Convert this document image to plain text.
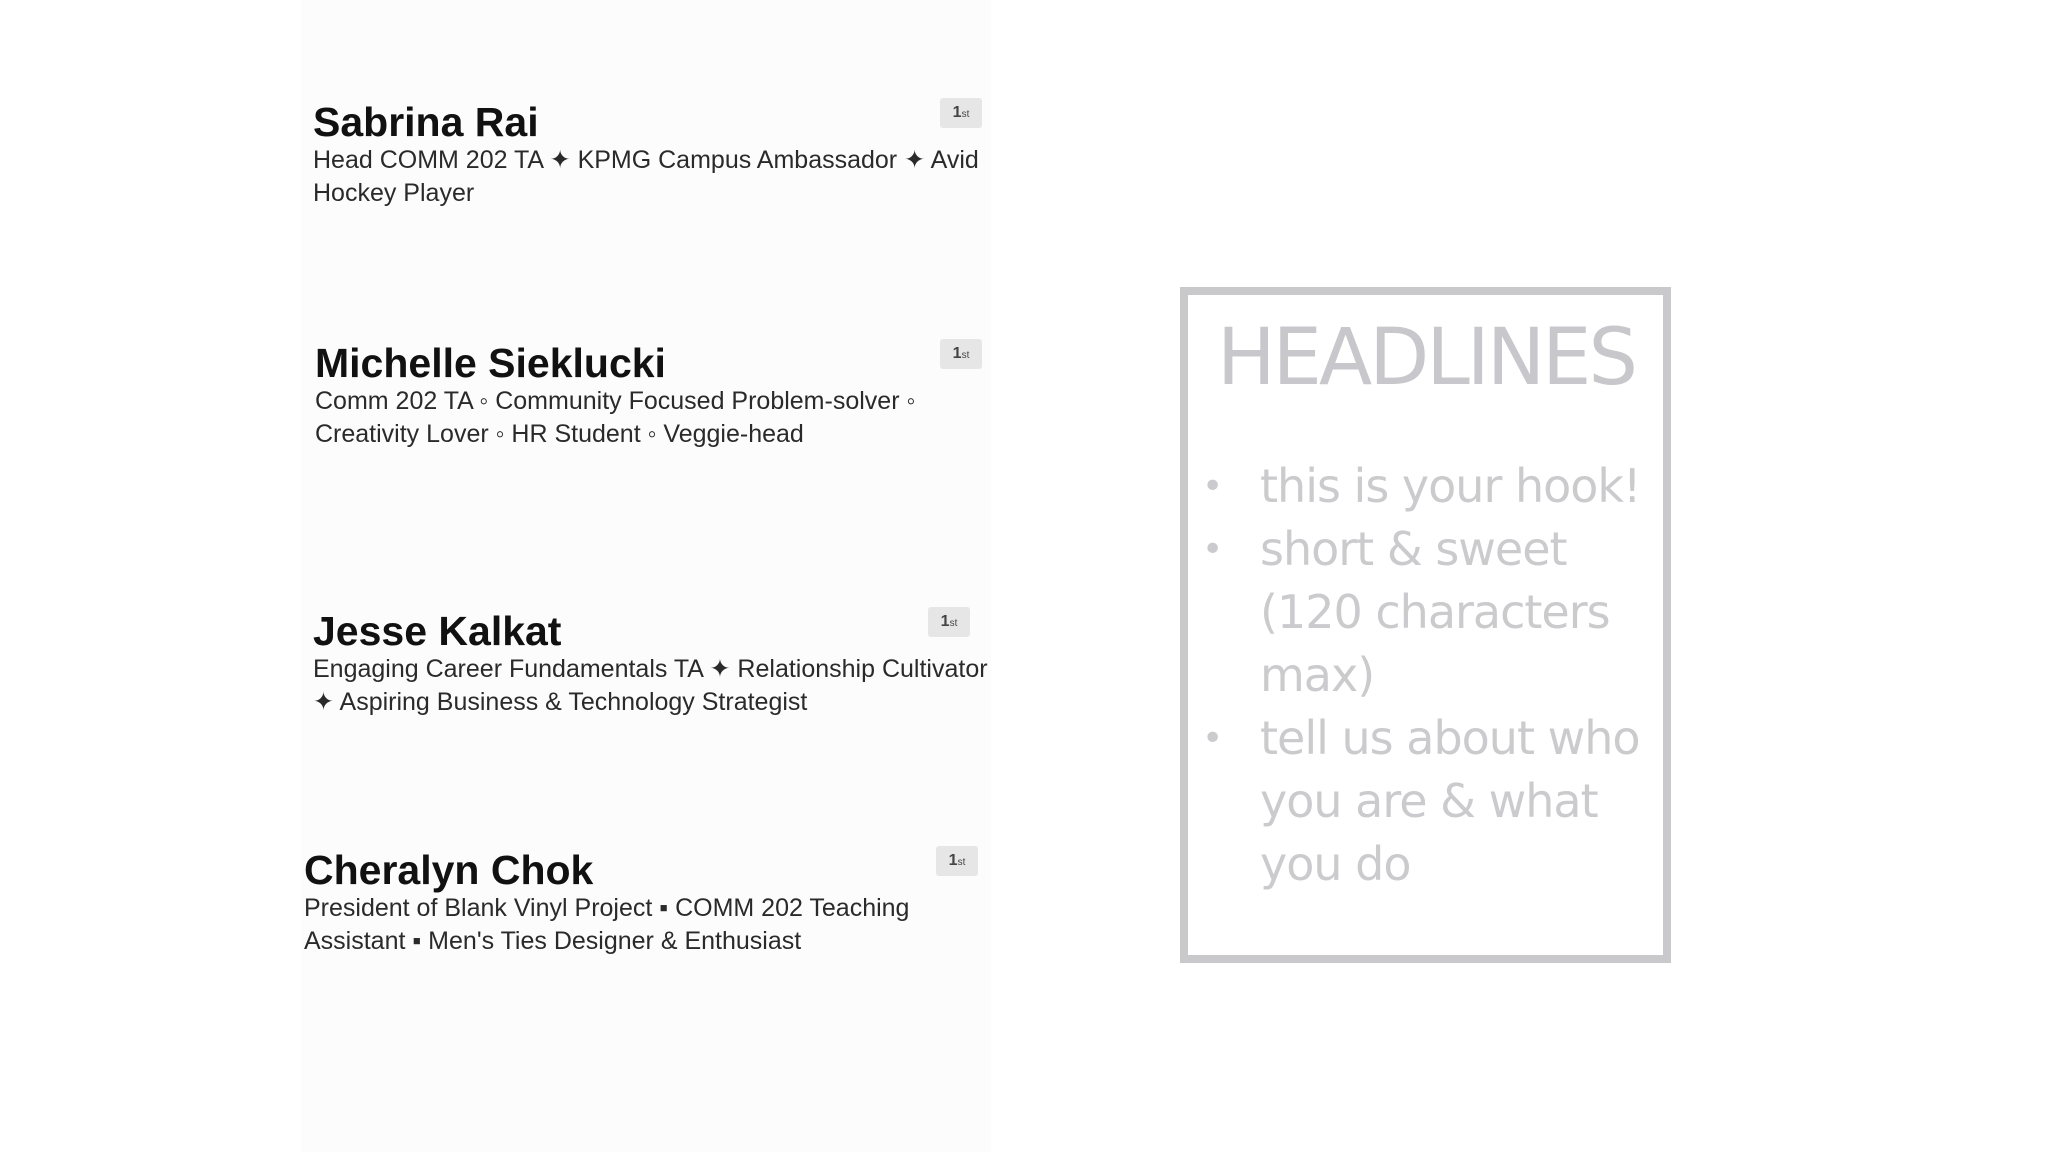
Sabrina Rai
Head COMM 202 TA ✦ KPMG Campus Ambassador ✦ Avid Hockey Player
1st
Michelle Sieklucki
Comm 202 TA ◦ Community Focused Problem-solver ◦ Creativity Lover ◦ HR Student ◦ Veggie-head
1st
Jesse Kalkat
Engaging Career Fundamentals TA ✦ Relationship Cultivator ✦ Aspiring Business & Technology Strategist
1st
Cheralyn Chok
President of Blank Vinyl Project ▪ COMM 202 Teaching Assistant ▪ Men's Ties Designer & Enthusiast
1st
HEADLINES
• this is your hook!
• short & sweet (120 characters max)
• tell us about who you are & what you do
